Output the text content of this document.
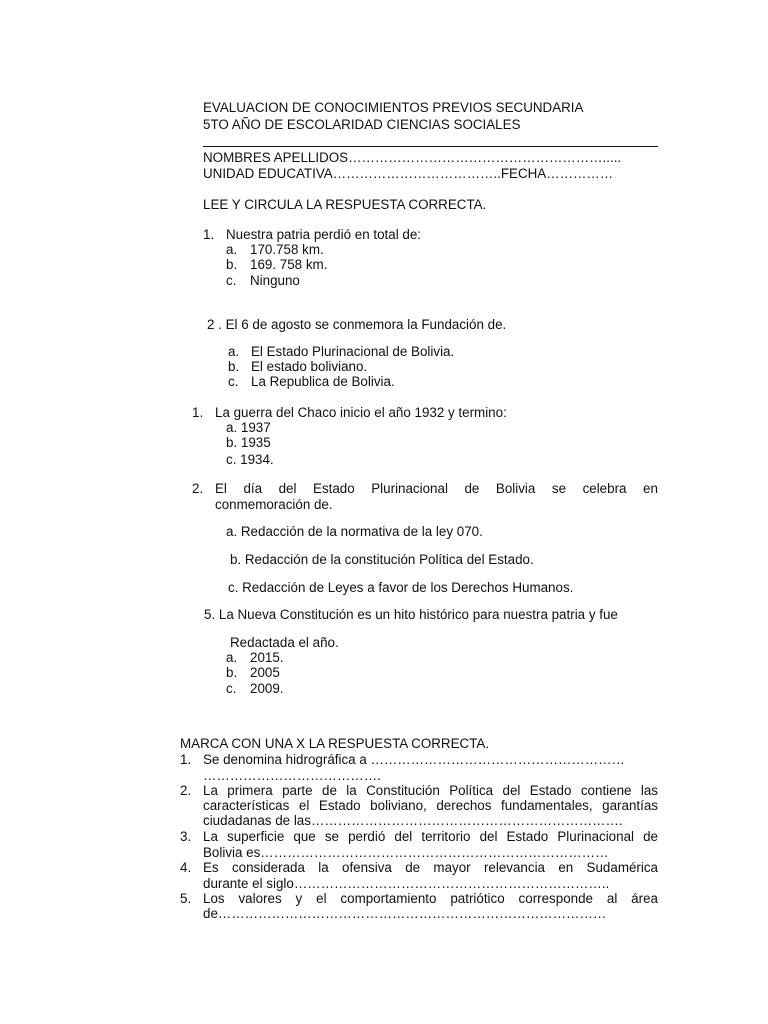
EVALUACION DE CONOCIMIENTOS PREVIOS SECUNDARIA
5TO AÑO DE ESCOLARIDAD CIENCIAS SOCIALES
NOMBRES APELLIDOS………………………………………………….....
UNIDAD EDUCATIVA………………………………..FECHA……………
LEE Y CIRCULA LA RESPUESTA CORRECTA.
1. Nuestra patria perdió en total de:
a. 170.758 km.
b. 169. 758 km.
c. Ninguno
2 . El 6 de agosto se conmemora la Fundación de.
a. El Estado Plurinacional de Bolivia.
b. El estado boliviano.
c. La Republica de Bolivia.
1. La guerra del Chaco inicio el año 1932 y termino:
a. 1937
b. 1935
c. 1934.
2. El día del Estado Plurinacional de Bolivia se celebra en
conmemoración de.
a. Redacción de la normativa de la ley 070.
b. Redacción de la constitución Política del Estado.
c. Redacción de Leyes a favor de los Derechos Humanos.
5. La Nueva Constitución es un hito histórico para nuestra patria y fue
Redactada el año.
a. 2015.
b. 2005
c. 2009.
MARCA CON UNA X LA RESPUESTA CORRECTA.
1. Se denomina hidrográfica a …………………………………………………
………………………………….
2. La primera parte de la Constitución Política del Estado contiene las
características el Estado boliviano, derechos fundamentales, garantías
ciudadanas de las…………………………………………………………….
3. La superficie que se perdió del territorio del Estado Plurinacional de
Bolivia es……………………………………………………………………
4. Es considerada la ofensiva de mayor relevancia en Sudamérica
durante el siglo……………………………………………………………..
5. Los valores y el comportamiento patriótico corresponde al área
de……………………………………………………………………………
